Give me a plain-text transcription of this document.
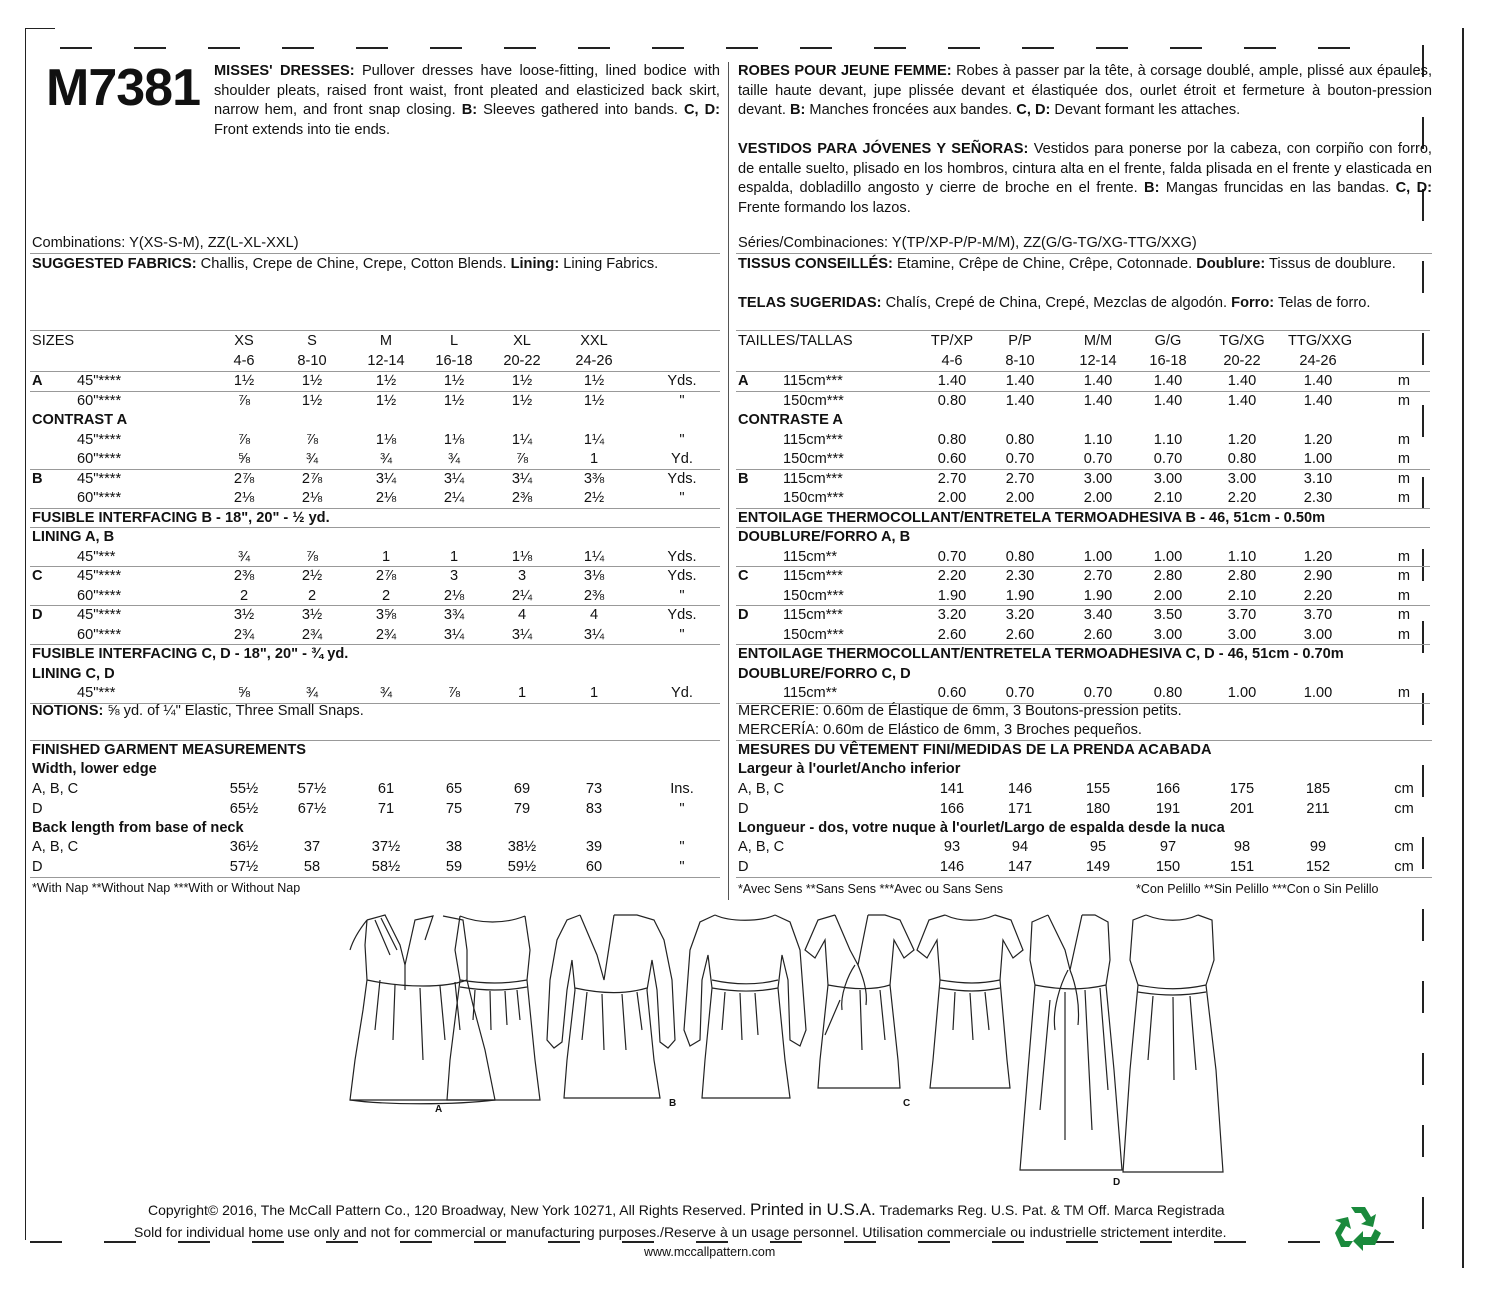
M7381 MISSES' DRESSES: Pullover dresses have loose-fitting, lined bodice with shoulder pleats, raised front waist, front pleated and elasticized back skirt, narrow hem, and front snap closing. B: Sleeves gathered into bands. C, D: Front extends into tie ends.
ROBES POUR JEUNE FEMME: Robes à passer par la tête, à corsage doublé, ample, plissé aux épaules, taille haute devant, jupe plissée devant et élastiquée dos, ourlet étroit et fermeture à bouton-pression devant. B: Manches froncées aux bandes. C, D: Devant formant les attaches.
VESTIDOS PARA JÓVENES Y SEÑORAS: Vestidos para ponerse por la cabeza, con corpiño con forro, de entalle suelto, plisado en los hombros, cintura alta en el frente, falda plisada en el frente y elasticada en espalda, dobladillo angosto y cierre de broche en el frente. B: Mangas fruncidas en las bandas. C, D: Frente formando los lazos.
Combinations: Y(XS-S-M), ZZ(L-XL-XXL)
SUGGESTED FABRICS: Challis, Crepe de Chine, Crepe, Cotton Blends. Lining: Lining Fabrics.
Séries/Combinaciones: Y(TP/XP-P/P-M/M), ZZ(G/G-TG/XG-TTG/XXG)
TISSUS CONSEILLÉS: Etamine, Crêpe de Chine, Crêpe, Cotonnade. Doublure: Tissus de doublure.
TELAS SUGERIDAS: Chalís, Crepé de China, Crepé, Mezclas de algodón. Forro: Telas de forro.
SIZES	XS	S	M	L	XL	XXL
4-6	8-10	12-14	16-18	20-22	24-26
A 45"****	1½	1½	1½	1½	1½	1½	Yds.
60"****	⅞	1½	1½	1½	1½	1½	"
CONTRAST A
45"****	⅞	⅞	1⅛	1⅛	1¼	1¼	"
60"****	⅝	¾	¾	¾	⅞	1	Yd.
B 45"****	2⅞	2⅞	3¼	3¼	3¼	3⅜	Yds.
60"****	2⅛	2⅛	2⅛	2¼	2⅜	2½	"
FUSIBLE INTERFACING B - 18", 20" - ½ yd.
LINING A, B
45"***	¾	⅞	1	1	1⅛	1¼	Yds.
C 45"****	2⅜	2½	2⅞	3	3	3⅛	Yds.
60"****	2	2	2	2⅛	2¼	2⅜	"
D 45"****	3½	3½	3⅝	3¾	4	4	Yds.
60"****	2¾	2¾	2¾	3¼	3¼	3¼	"
FUSIBLE INTERFACING C, D - 18", 20" - ¾ yd.
LINING C, D
45"***	⅝	¾	¾	⅞	1	1	Yd.
TAILLES/TALLAS	TP/XP	P/P	M/M	G/G	TG/XG	TTG/XXG
4-6	8-10	12-14	16-18	20-22	24-26
A 115cm***	1.40	1.40	1.40	1.40	1.40	1.40	m
150cm***	0.80	1.40	1.40	1.40	1.40	1.40	m
CONTRASTE A
115cm***	0.80	0.80	1.10	1.10	1.20	1.20	m
150cm***	0.60	0.70	0.70	0.70	0.80	1.00	m
B 115cm***	2.70	2.70	3.00	3.00	3.00	3.10	m
150cm***	2.00	2.00	2.00	2.10	2.20	2.30	m
ENTOILAGE THERMOCOLLANT/ENTRETELA TERMOADHESIVA B - 46, 51cm - 0.50m
DOUBLURE/FORRO A, B
115cm**	0.70	0.80	1.00	1.00	1.10	1.20	m
C 115cm***	2.20	2.30	2.70	2.80	2.80	2.90	m
150cm***	1.90	1.90	1.90	2.00	2.10	2.20	m
D 115cm***	3.20	3.20	3.40	3.50	3.70	3.70	m
150cm***	2.60	2.60	2.60	3.00	3.00	3.00	m
ENTOILAGE THERMOCOLLANT/ENTRETELA TERMOADHESIVA C, D - 46, 51cm - 0.70m
DOUBLURE/FORRO C, D
115cm**	0.60	0.70	0.70	0.80	1.00	1.00	m
NOTIONS: ⅝ yd. of ¼" Elastic, Three Small Snaps.	MERCERIE: 0.60m de Élastique de 6mm, 3 Boutons-pression petits.
MERCERÍA: 0.60m de Elástico de 6mm, 3 Broches pequeños.
FINISHED GARMENT MEASUREMENTS
Width, lower edge
Back length from base of neck
MESURES DU VÊTEMENT FINI/MEDIDAS DE LA PRENDA ACABADA
Largeur à l'ourlet/Ancho inferior
Longueur - dos, votre nuque à l'ourlet/Largo de espalda desde la nuca
A, B, C	55½	57½	61	65	69	73	Ins.
D	65½	67½	71	75	79	83	"
A, B, C	36½	37	37½	38	38½	39	"
D	57½	58	58½	59	59½	60	"
A, B, C	141	146	155	166	175	185	cm
D	166	171	180	191	201	211	cm
A, B, C	93	94	95	97	98	99	cm
D	146	147	149	150	151	152	cm
*With Nap **Without Nap ***With or Without Nap	*Avec Sens **Sans Sens ***Avec ou Sans Sens	*Con Pelillo **Sin Pelillo ***Con o Sin Pelillo
A
B	C
D
Copyright© 2016, The McCall Pattern Co., 120 Broadway, New York 10271, All Rights Reserved. Printed in U.S.A. Trademarks Reg. U.S. Pat. & TM Off. Marca Registrada
Sold for individual home use only and not for commercial or manufacturing purposes./Reserve à un usage personnel. Utilisation commerciale ou industrielle strictement interdite.
www.mccallpattern.com
